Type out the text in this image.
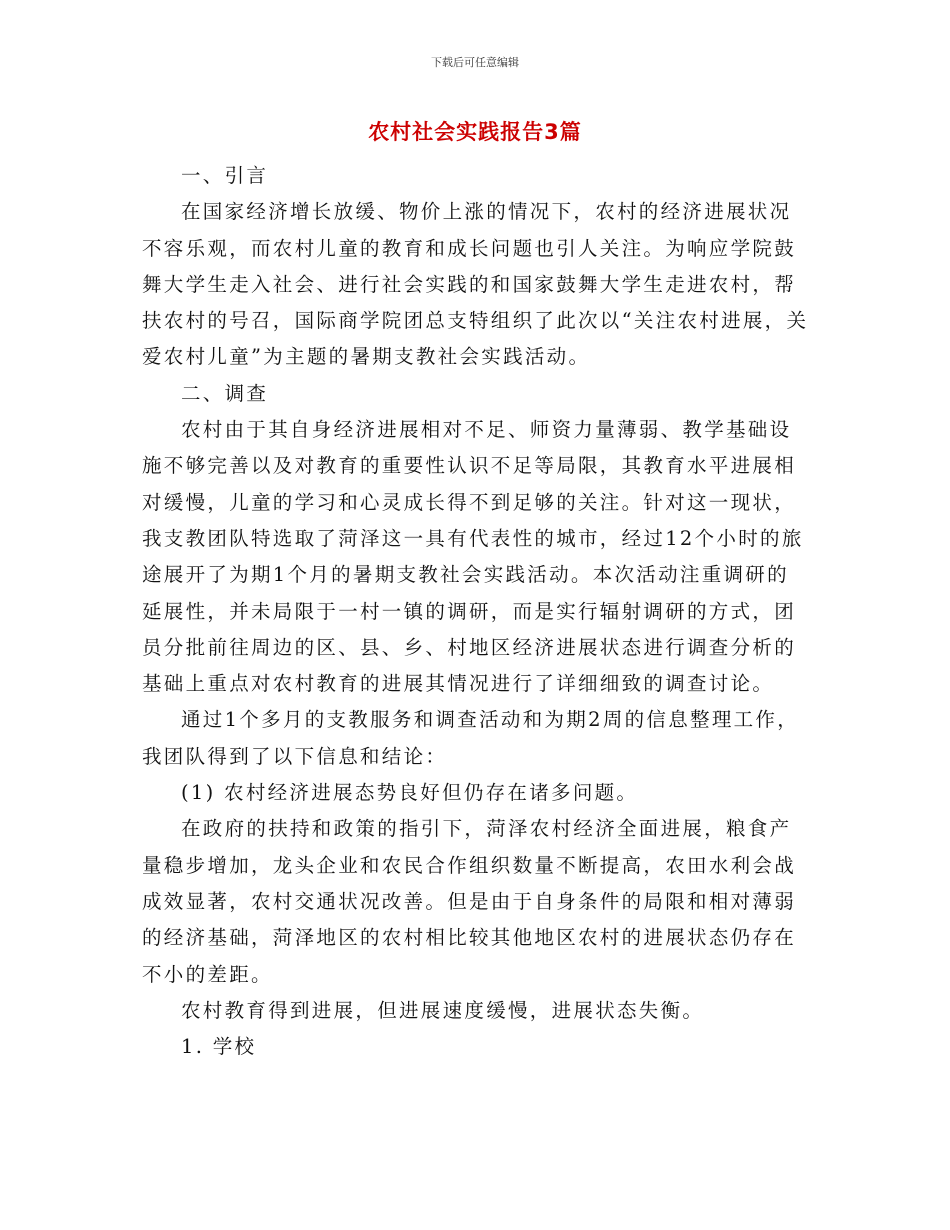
下载后可任意编辑
农村社会实践报告3篇

一、引言

在国家经济增长放缓、物价上涨的情况下，农村的经济进展状况不容乐观，而农村儿童的教育和成长问题也引人关注。为响应学院鼓舞大学生走入社会、进行社会实践的和国家鼓舞大学生走进农村，帮扶农村的号召，国际商学院团总支特组织了此次以“关注农村进展，关爱农村儿童”为主题的暑期支教社会实践活动。

二、调查

农村由于其自身经济进展相对不足、师资力量薄弱、教学基础设施不够完善以及对教育的重要性认识不足等局限，其教育水平进展相对缓慢，儿童的学习和心灵成长得不到足够的关注。针对这一现状，我支教团队特选取了菏泽这一具有代表性的城市，经过12个小时的旅途展开了为期1个月的暑期支教社会实践活动。本次活动注重调研的延展性，并未局限于一村一镇的调研，而是实行辐射调研的方式，团员分批前往周边的区、县、乡、村地区经济进展状态进行调查分析的基础上重点对农村教育的进展其情况进行了详细细致的调查讨论。

通过1个多月的支教服务和调查活动和为期2周的信息整理工作，我团队得到了以下信息和结论：

(1) 农村经济进展态势良好但仍存在诸多问题。

在政府的扶持和政策的指引下，菏泽农村经济全面进展，粮食产量稳步增加，龙头企业和农民合作组织数量不断提高，农田水利会战成效显著，农村交通状况改善。但是由于自身条件的局限和相对薄弱的经济基础，菏泽地区的农村相比较其他地区农村的进展状态仍存在不小的差距。

农村教育得到进展，但进展速度缓慢，进展状态失衡。

1. 学校
